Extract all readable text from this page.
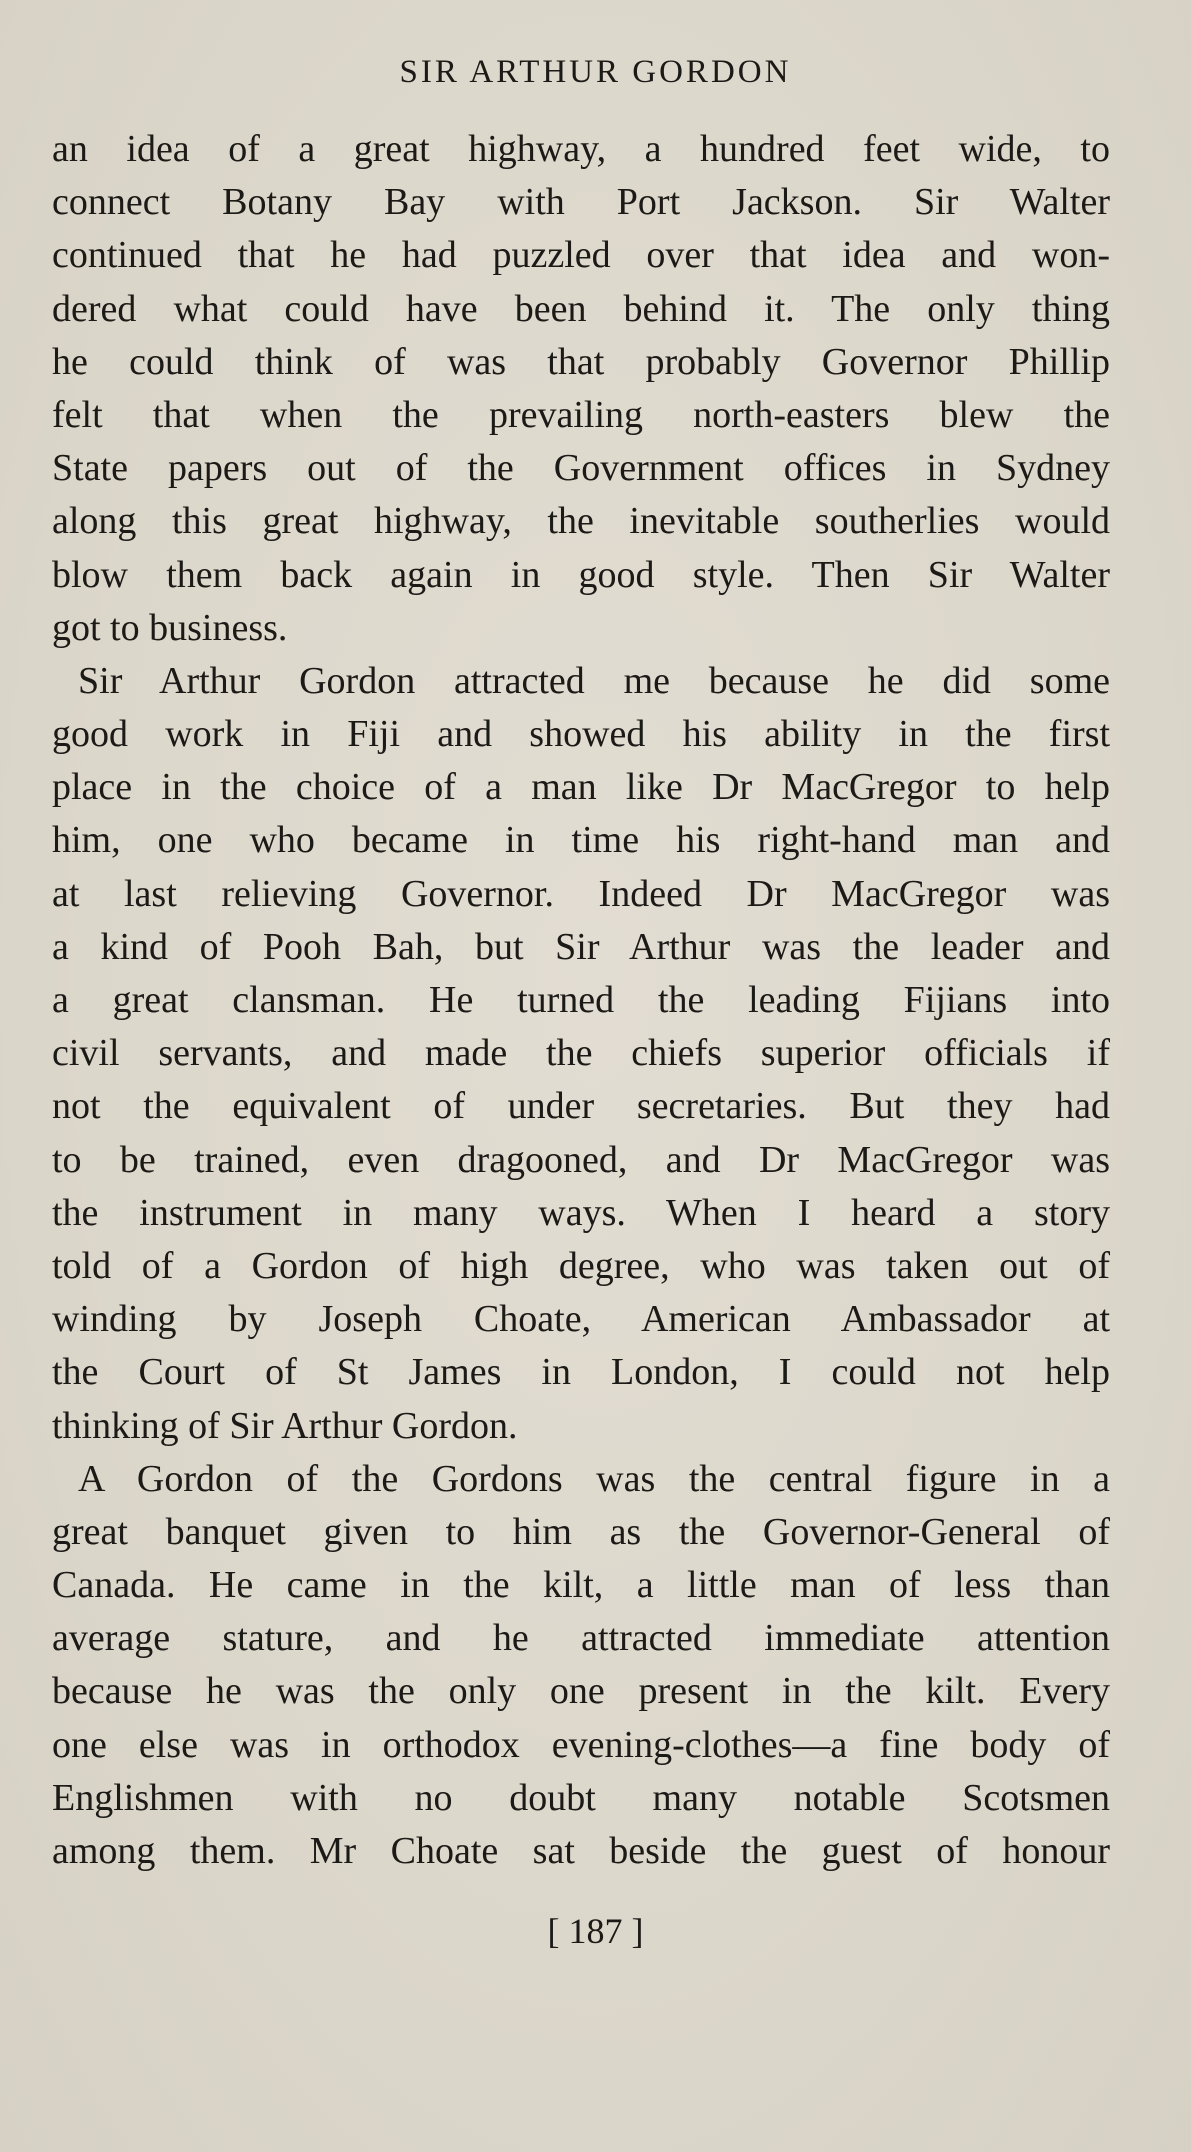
SIR ARTHUR GORDON
an idea of a great highway, a hundred feet wide, to
connect Botany Bay with Port Jackson. Sir Walter
continued that he had puzzled over that idea and won-
dered what could have been behind it. The only thing
he could think of was that probably Governor Phillip
felt that when the prevailing north-easters blew the
State papers out of the Government offices in Sydney
along this great highway, the inevitable southerlies would
blow them back again in good style. Then Sir Walter
got to business.
Sir Arthur Gordon attracted me because he did some
good work in Fiji and showed his ability in the first
place in the choice of a man like Dr MacGregor to help
him, one who became in time his right-hand man and
at last relieving Governor. Indeed Dr MacGregor was
a kind of Pooh Bah, but Sir Arthur was the leader and
a great clansman. He turned the leading Fijians into
civil servants, and made the chiefs superior officials if
not the equivalent of under secretaries. But they had
to be trained, even dragooned, and Dr MacGregor was
the instrument in many ways. When I heard a story
told of a Gordon of high degree, who was taken out of
winding by Joseph Choate, American Ambassador at
the Court of St James in London, I could not help
thinking of Sir Arthur Gordon.
A Gordon of the Gordons was the central figure in a
great banquet given to him as the Governor-General of
Canada. He came in the kilt, a little man of less than
average stature, and he attracted immediate attention
because he was the only one present in the kilt. Every
one else was in orthodox evening-clothes—a fine body of
Englishmen with no doubt many notable Scotsmen
among them. Mr Choate sat beside the guest of honour
[ 187 ]
